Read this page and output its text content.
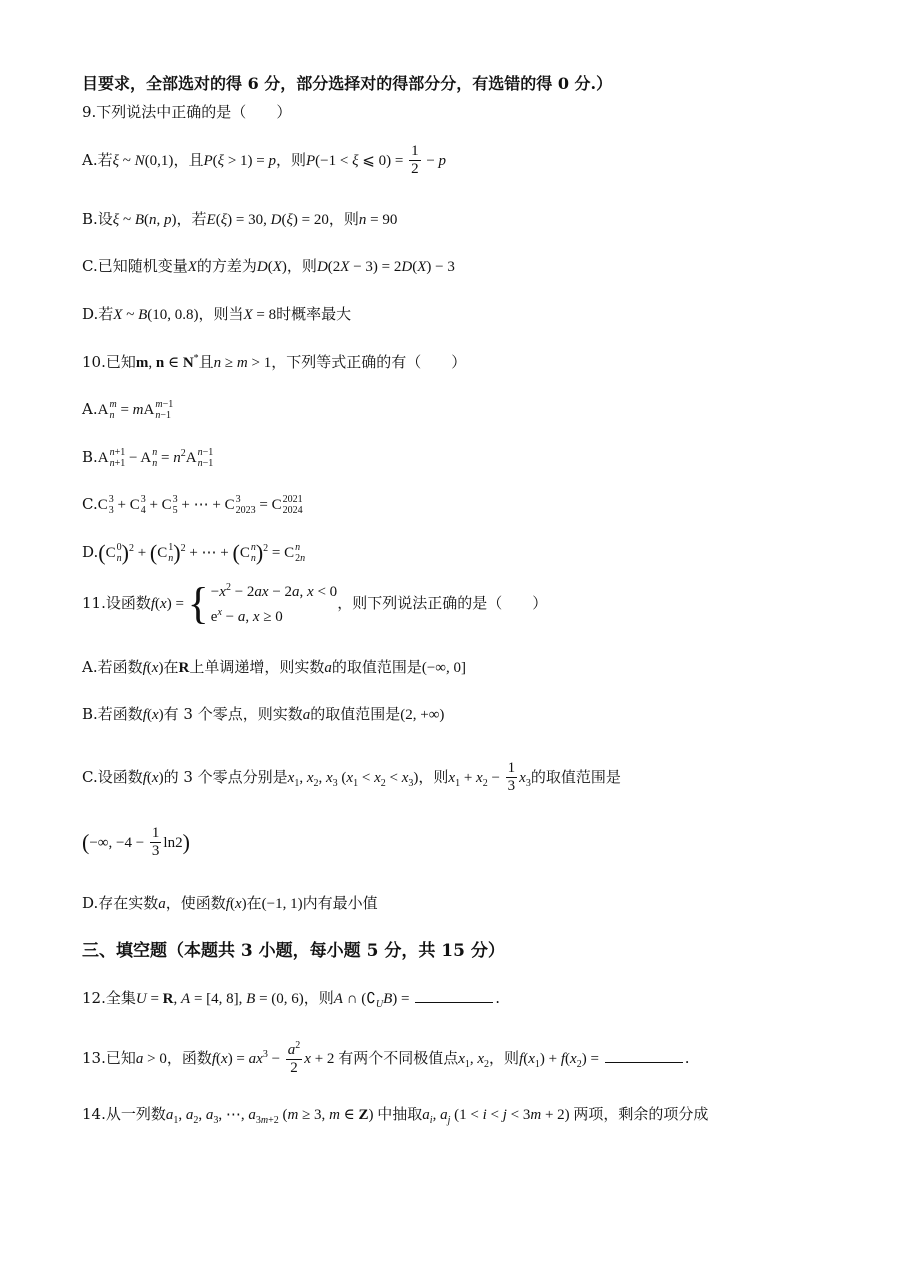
目要求，全部选对的得 6 分，部分选择对的得部分分，有选错的得 0 分.）
9.下列说法中正确的是（　　）
A.若ξ ~ N(0,1)，且P(ξ > 1) = p，则P(−1 < ξ ⩽ $0) = \frac{1}{2} - p$
B.设ξ ~ B(n, p)，若E(ξ) = 30, D(ξ) = 20，则n = 90
C.已知随机变量X的方差为D(X)，则D(2X − 3) = 2D(X) − 3
D.若X ~ B(10, 0.8)，则当X = 8时概率最大
10.已知m, n ∈ N*且n ≥ m > 1，下列等式正确的有（　　）
A.A m
n = mA m−1
n−1
B.A n+1
n+1 − A n
$n = n^2A$ n−1
n−1
C.C 3
3 + C 3
4 + C 3
5 + ⋯ + C 3
2023 = C 2021
2024
D.(C 0
n )$^2$ + (C 1
n )$^2$ + ⋯ + (C n
n )$^2$ = C n
2n
11.设函数f(x) = { $-x^2 - 2ax - 2a$, x < 0
$e^x - a$, x ≥ 0
，则下列说法正确的是（　　）
A.若函数f(x)在R上单调递增，则实数a的取值范围是(−∞, 0]
B.若函数f(x)有 3 个零点，则实数a的取值范围是(2, +∞)
C.设函数f(x)的 3 个零点分别是$x_1$, $x_2$, $x_3$ $(x_1 < x_2 < x_3)$，则$x_1 + x_2 - \frac{1}{3} x_3$的取值范围是
(−∞, $-4 - \frac{1}{3} \ln 2$)
D.存在实数a，使函数f(x)在(−1, 1)内有最小值
三、填空题（本题共 3 小题，每小题 5 分，共 15 分）
12.全集U = R, A = [4, 8], B = (0, 6)，则A ∩ $(∁_UB)$ =	.
13.已知a > 0，函数$f(x) = ax^3 - \frac{a^2}{2}$ x + 2 有两个不同极值点$x_1$, $x_2$，则$f(x_1) + f(x_2)$ =	.
14.从一列数$a_1$, $a_2$, $a_3$, ⋯, $a_{3m+2}$ (m ≥ 3, m ∈ Z) 中抽取$a_i$, $a_j$ (1 < i < j < 3m + 2) 两项，剩余的项分成
